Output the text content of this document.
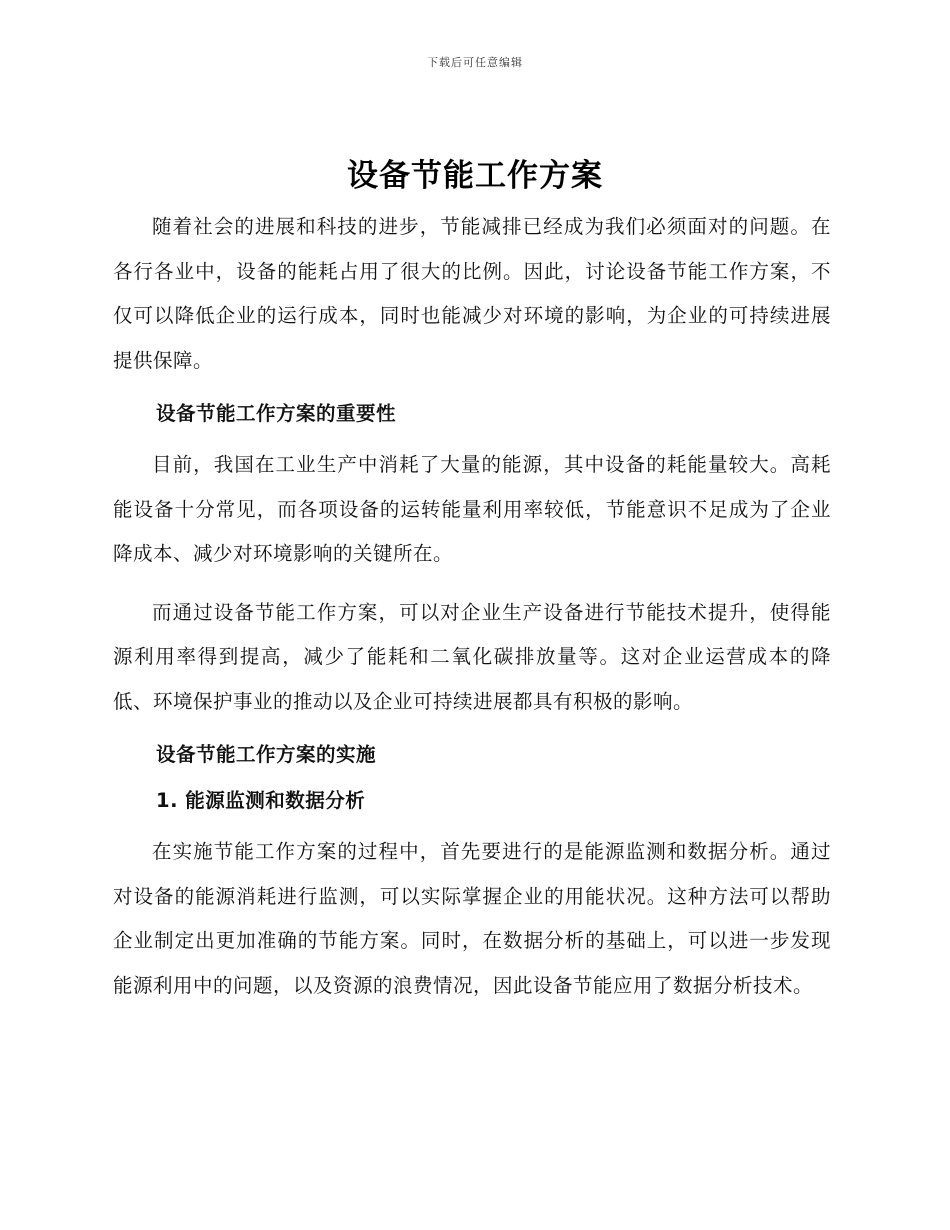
下载后可任意编辑
设备节能工作方案

随着社会的进展和科技的进步，节能减排已经成为我们必须面对的问题。在各行各业中，设备的能耗占用了很大的比例。因此，讨论设备节能工作方案，不仅可以降低企业的运行成本，同时也能减少对环境的影响，为企业的可持续进展提供保障。

设备节能工作方案的重要性

目前，我国在工业生产中消耗了大量的能源，其中设备的耗能量较大。高耗能设备十分常见，而各项设备的运转能量利用率较低，节能意识不足成为了企业降成本、减少对环境影响的关键所在。

而通过设备节能工作方案，可以对企业生产设备进行节能技术提升，使得能源利用率得到提高，减少了能耗和二氧化碳排放量等。这对企业运营成本的降低、环境保护事业的推动以及企业可持续进展都具有积极的影响。

设备节能工作方案的实施
1. 能源监测和数据分析

在实施节能工作方案的过程中，首先要进行的是能源监测和数据分析。通过对设备的能源消耗进行监测，可以实际掌握企业的用能状况。这种方法可以帮助企业制定出更加准确的节能方案。同时，在数据分析的基础上，可以进一步发现能源利用中的问题，以及资源的浪费情况，因此设备节能应用了数据分析技术。
